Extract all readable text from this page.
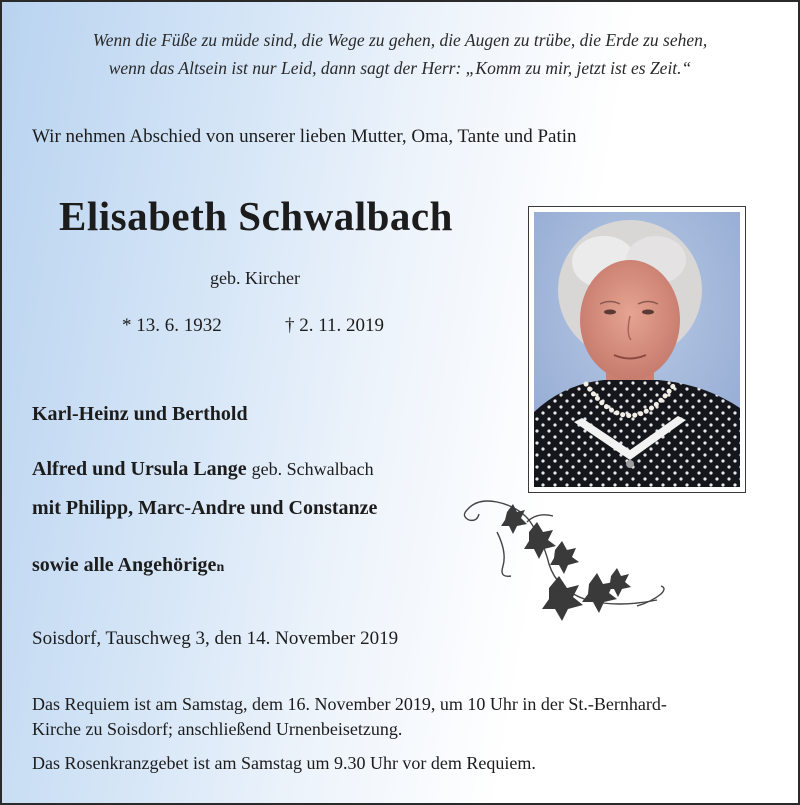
Wenn die Füße zu müde sind, die Wege zu gehen, die Augen zu trübe, die Erde zu sehen,
wenn das Altsein ist nur Leid, dann sagt der Herr: „Komm zu mir, jetzt ist es Zeit.“
Wir nehmen Abschied von unserer lieben Mutter, Oma, Tante und Patin
Elisabeth Schwalbach
geb. Kircher
* 13. 6. 1932	† 2. 11. 2019
Karl-Heinz und Berthold
Alfred und Ursula Lange geb. Schwalbach
mit Philipp, Marc-Andre und Constanze
sowie alle Angehörigen
Soisdorf, Tauschweg 3, den 14. November 2019
Das Requiem ist am Samstag, dem 16. November 2019, um 10 Uhr in der St.-Bernhard-
Kirche zu Soisdorf; anschließend Urnenbeisetzung.
Das Rosenkranzgebet ist am Samstag um 9.30 Uhr vor dem Requiem.
